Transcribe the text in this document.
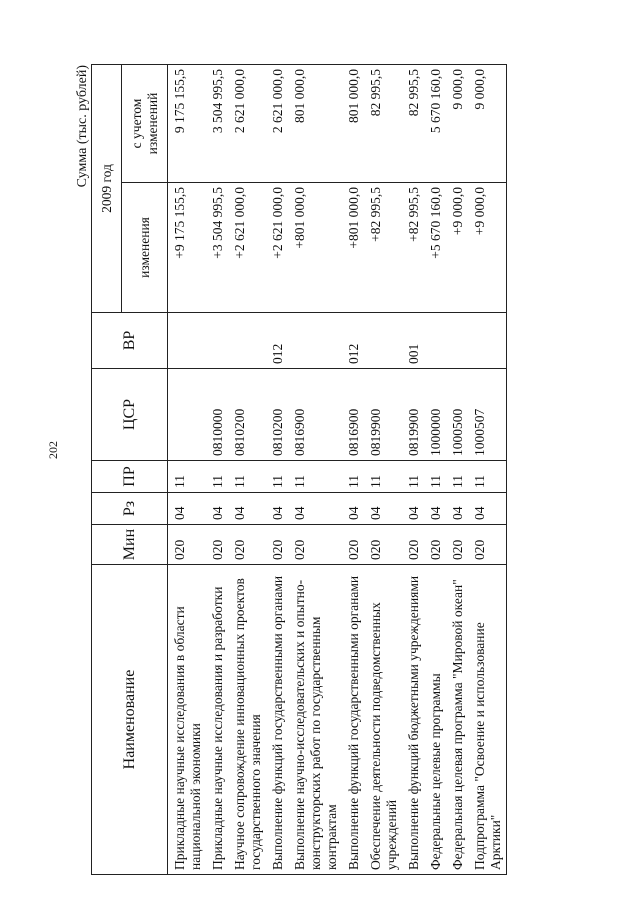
202
Сумма (тыс. рублей)
Наименование	Мин	Рз	ПР	ЦСР	ВР	2009 год	
						изменения	с учетом изменений
Прикладные научные исследования в области национальной экономики	020	04	11			+9 175 155,5	9 175 155,5
Прикладные научные исследования и разработки	020	04	11	0810000		+3 504 995,5	3 504 995,5
Научное сопровождение инновационных проектов государственного значения	020	04	11	0810200		+2 621 000,0	2 621 000,0
Выполнение функций государственными органами	020	04	11	0810200	012	+2 621 000,0	2 621 000,0
Выполнение научно-исследовательских и опытно-конструкторских работ по государственным контрактам	020	04	11	0816900		+801 000,0	801 000,0
Выполнение функций государственными органами	020	04	11	0816900	012	+801 000,0	801 000,0
Обеспечение деятельности подведомственных учреждений	020	04	11	0819900		+82 995,5	82 995,5
Выполнение функций бюджетными учреждениями	020	04	11	0819900	001	+82 995,5	82 995,5
Федеральные целевые программы	020	04	11	1000000		+5 670 160,0	5 670 160,0
Федеральная целевая программа "Мировой океан"	020	04	11	1000500		+9 000,0	9 000,0
Подпрограмма "Освоение и использование Арктики"	020	04	11	1000507		+9 000,0	9 000,0
